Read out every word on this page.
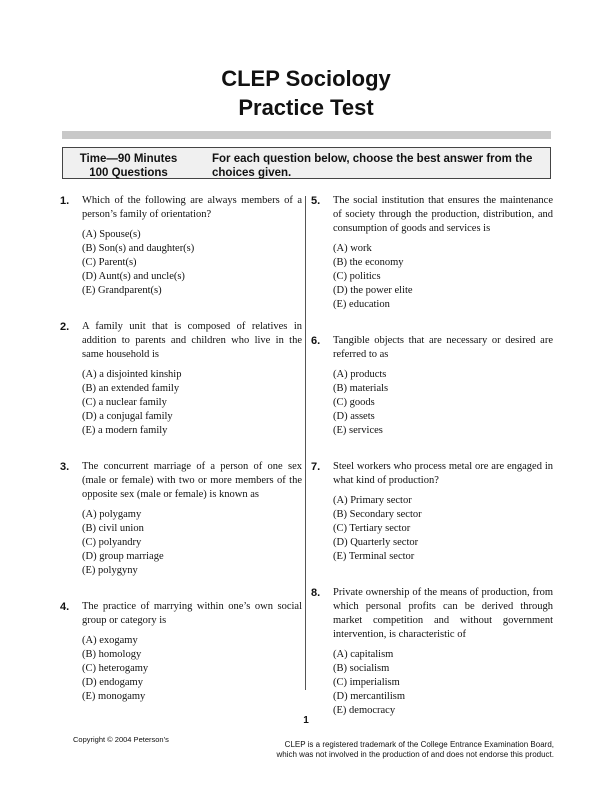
CLEP Sociology
Practice Test
Time—90 Minutes
100 Questions
For each question below, choose the best answer from the
choices given.
1. Which of the following are always members of a person’s family of orientation?

(A) Spouse(s)
(B) Son(s) and daughter(s)
(C) Parent(s)
(D) Aunt(s) and uncle(s)
(E) Grandparent(s)
2. A family unit that is composed of relatives in addition to parents and children who live in the same household is

(A) a disjointed kinship
(B) an extended family
(C) a nuclear family
(D) a conjugal family
(E) a modern family
3. The concurrent marriage of a person of one sex (male or female) with two or more members of the opposite sex (male or female) is known as

(A) polygamy
(B) civil union
(C) polyandry
(D) group marriage
(E) polygyny
4. The practice of marrying within one’s own social group or category is

(A) exogamy
(B) homology
(C) heterogamy
(D) endogamy
(E) monogamy
5. The social institution that ensures the maintenance of society through the production, distribution, and consumption of goods and services is

(A) work
(B) the economy
(C) politics
(D) the power elite
(E) education
6. Tangible objects that are necessary or desired are referred to as

(A) products
(B) materials
(C) goods
(D) assets
(E) services
7. Steel workers who process metal ore are engaged in what kind of production?

(A) Primary sector
(B) Secondary sector
(C) Tertiary sector
(D) Quarterly sector
(E) Terminal sector
8. Private ownership of the means of production, from which personal profits can be derived through market competition and without government intervention, is characteristic of

(A) capitalism
(B) socialism
(C) imperialism
(D) mercantilism
(E) democracy
1
Copyright © 2004 Peterson’s
CLEP is a registered trademark of the College Entrance Examination Board,
which was not involved in the production of and does not endorse this product.
